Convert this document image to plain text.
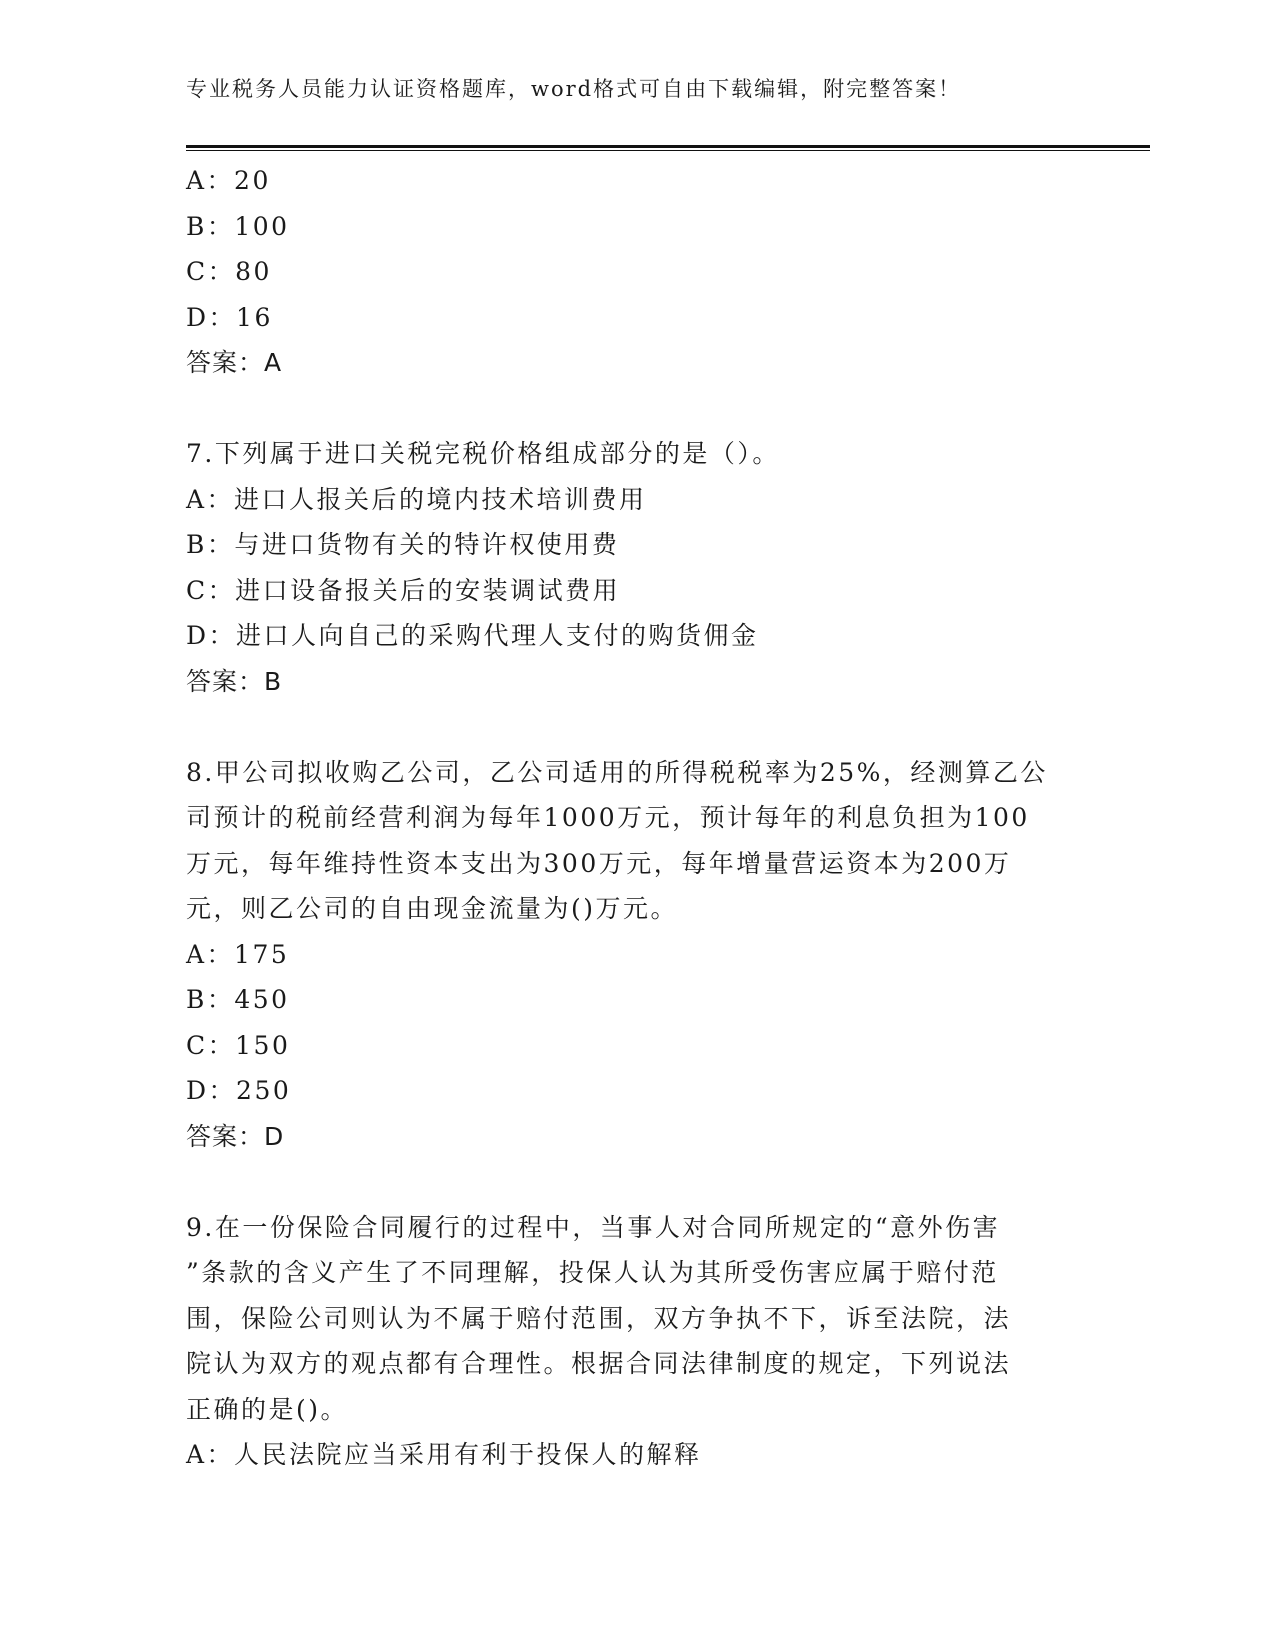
专业税务人员能力认证资格题库，word格式可自由下载编辑，附完整答案！
A：20
B：100
C：80
D：16
答案：A
7.下列属于进口关税完税价格组成部分的是（）。
A：进口人报关后的境内技术培训费用
B：与进口货物有关的特许权使用费
C：进口设备报关后的安装调试费用
D：进口人向自己的采购代理人支付的购货佣金
答案：B
8.甲公司拟收购乙公司，乙公司适用的所得税税率为25%，经测算乙公
司预计的税前经营利润为每年1000万元，预计每年的利息负担为100
万元，每年维持性资本支出为300万元，每年增量营运资本为200万
元，则乙公司的自由现金流量为()万元。
A：175
B：450
C：150
D：250
答案：D
9.在一份保险合同履行的过程中，当事人对合同所规定的“意外伤害
”条款的含义产生了不同理解，投保人认为其所受伤害应属于赔付范
围，保险公司则认为不属于赔付范围，双方争执不下，诉至法院，法
院认为双方的观点都有合理性。根据合同法律制度的规定，下列说法
正确的是()。
A：人民法院应当采用有利于投保人的解释
